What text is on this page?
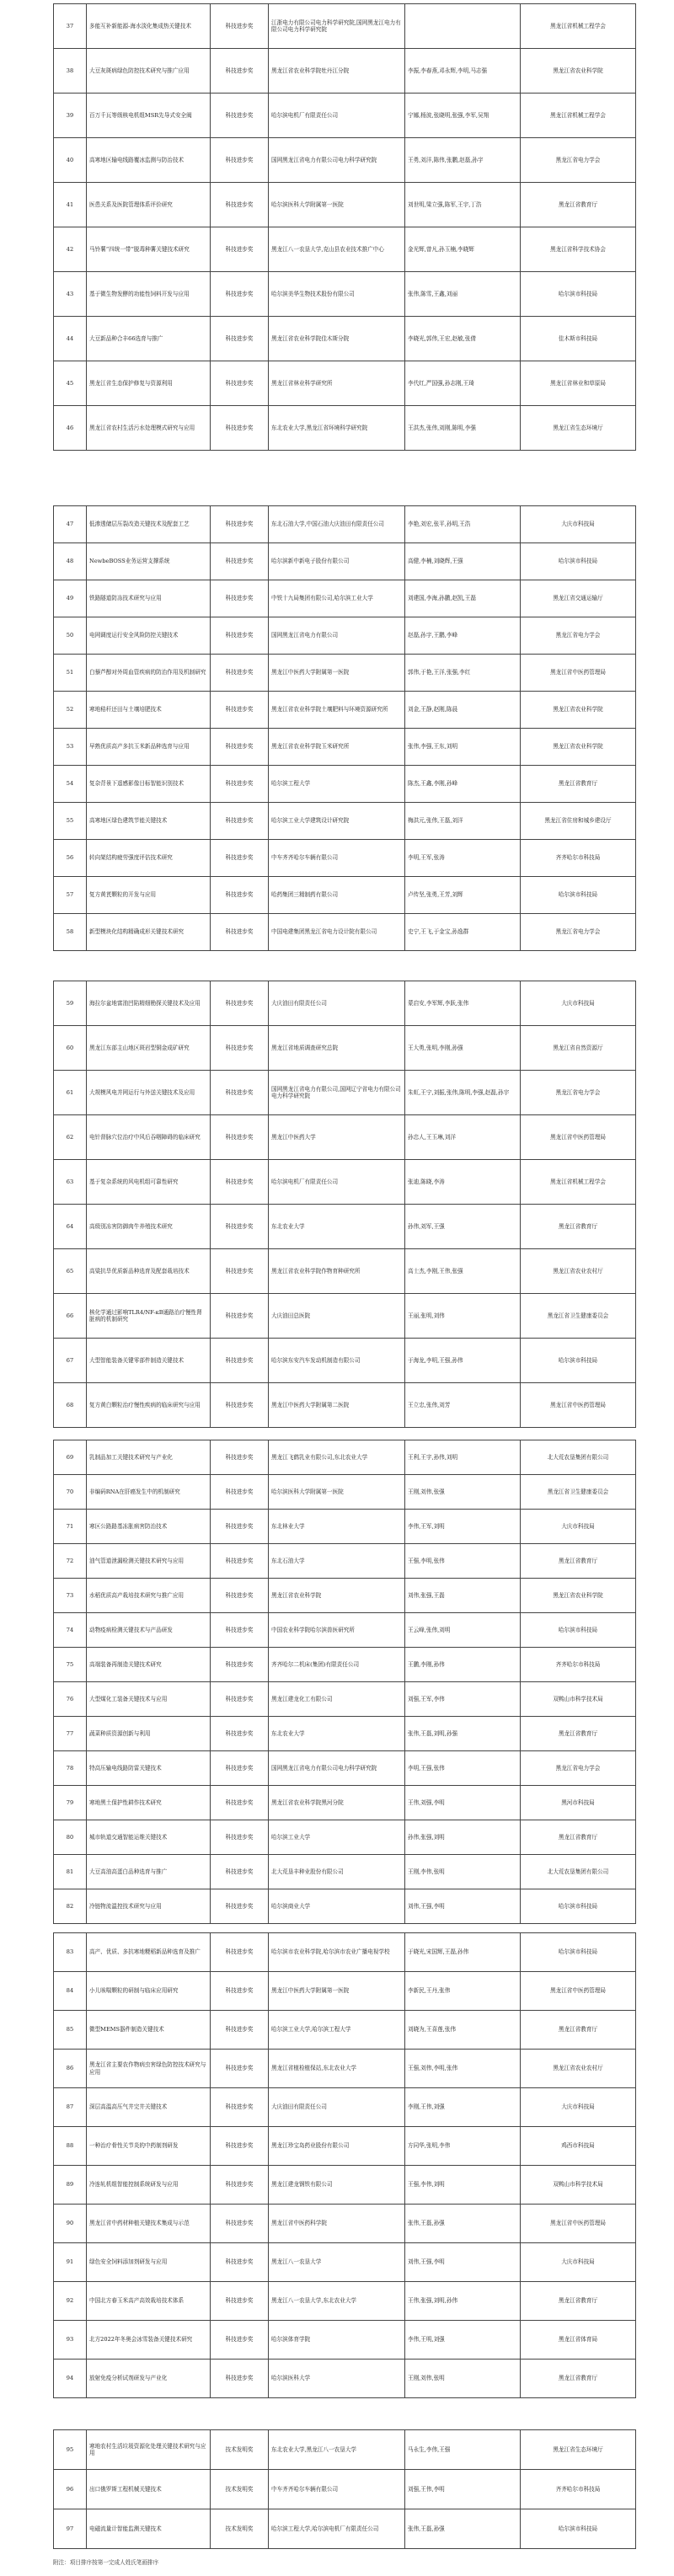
37	多能互补新能源-海水淡化集成热关键技术	科技进步奖	江浙电力有限公司电力科学研究院,国网黑龙江电力有限公司电力科学研究院		黑龙江省机械工程学会
38	大豆灰斑病绿色防控技术研究与推广应用	科技进步奖	黑龙江省农业科学院牡丹江分院	李振,李春燕,邓永辉,李明,马志强	黑龙江省农业科学院
39	百万千瓦等级核电机组MSR先导式安全阀	科技进步奖	哈尔滨电机厂有限责任公司	宁娜,杨波,张晓明,张强,李军,吴翔	黑龙江省机械工程学会
40	高寒地区输电线路覆冰监测与防治技术	科技进步奖	国网黑龙江省电力有限公司电力科学研究院	王勇,刘洋,陈伟,张鹏,赵磊,孙宇	黑龙江省电力学会
41	医患关系及医院管理体系评价研究	科技进步奖	哈尔滨医科大学附属第一医院	刘世明,梁立强,陈军,王宇,丁浩	黑龙江省教育厅
42	马铃薯“四统一带”脱毒种薯关键技术研究	科技进步奖	黑龙江八一农垦大学,克山县农业技术推广中心	金光辉,曾凡,孙玉楠,李晓辉	黑龙江省科学技术协会
43	基于微生物发酵的功能性饲料开发与应用	科技进步奖	哈尔滨美华生物技术股份有限公司	张伟,陈雪,王鑫,刘丽	哈尔滨市科技局
44	大豆新品种合丰66选育与推广	科技进步奖	黑龙江省农业科学院佳木斯分院	李晓光,郭伟,王宏,赵敏,张倩	佳木斯市科技局
45	黑龙江省生态保护修复与资源利用	科技进步奖	黑龙江省林业科学研究所	李代红,严国强,孙志刚,王琦	黑龙江省林业和草原局
46	黑龙江省农村生活污水处理模式研究与应用	科技进步奖	东北农业大学,黑龙江省环境科学研究院	王洪杰,张伟,刘刚,陈明,李强	黑龙江省生态环境厅
47	低渗透储层压裂改造关键技术及配套工艺	科技进步奖	东北石油大学,中国石油大庆油田有限责任公司	李艳,刘宏,张平,孙明,王浩	大庆市科技局
48	NewbeBOSS业务运营支撑系统	科技进步奖	哈尔滨新中新电子股份有限公司	高健,李楠,刘晓辉,王强	哈尔滨市科技局
49	铁路隧道防冻技术研究与应用	科技进步奖	中铁十九局集团有限公司,哈尔滨工业大学	刘建国,李海,孙鹏,赵凯,王磊	黑龙江省交通运输厅
50	电网调度运行安全风险防控关键技术	科技进步奖	国网黑龙江省电力有限公司	赵磊,孙宇,王鹏,李峰	黑龙江省电力学会
51	白藜芦醇对外周血管疾病的防治作用及机制研究	科技进步奖	黑龙江中医药大学附属第一医院	郭伟,于艳,王洋,张强,李红	黑龙江省中医药管理局
52	寒地秸秆还田与土壤培肥技术	科技进步奖	黑龙江省农业科学院土壤肥料与环境资源研究所	刘金,王静,赵刚,陈晨	黑龙江省农业科学院
53	早熟优质高产多抗玉米新品种选育与应用	科技进步奖	黑龙江省农业科学院玉米研究所	张伟,李强,王东,刘明	黑龙江省农业科学院
54	复杂背景下遥感影像目标智能识别技术	科技进步奖	哈尔滨工程大学	陈杰,王鑫,李刚,孙峰	黑龙江省教育厅
55	高寒地区绿色建筑节能关键技术	科技进步奖	哈尔滨工业大学建筑设计研究院	梅洪元,张伟,王磊,刘洋	黑龙江省住房和城乡建设厅
56	转向架结构疲劳强度评估技术研究	科技进步奖	中车齐齐哈尔车辆有限公司	李明,王军,张涛	齐齐哈尔市科技局
57	复方黄芪颗粒的开发与应用	科技进步奖	哈药集团三精制药有限公司	卢传坚,张勇,王芳,刘辉	哈尔滨市科技局
58	新型模块化结构精确成形关键技术研究	科技进步奖	中国电建集团黑龙江省电力设计院有限公司	史宁,王飞,于金宝,孙逸群	黑龙江省电力学会
59	海拉尔盆地富油凹陷精细勘探关键技术及应用	科技进步奖	大庆油田有限责任公司	蒙启安,李军辉,李跃,张伟	大庆市科技局
60	黑龙江东部主山地区斑岩型铜金成矿研究	科技进步奖	黑龙江省地质调查研究总院	王大勇,张明,李刚,孙强	黑龙江省自然资源厅
61	大规模风电并网运行与外送关键技术及应用	科技进步奖	国网黑龙江省电力有限公司,国网辽宁省电力有限公司电力科学研究院	朱虹,王宁,刘振,张伟,陈明,李强,赵磊,孙宇	黑龙江省电力学会
62	电针督脉穴位治疗中风后吞咽障碍的临床研究	科技进步奖	黑龙江中医药大学	孙忠人,王玉琳,刘洋	黑龙江省中医药管理局
63	基于复杂系统的风电机组可靠性研究	科技进步奖	哈尔滨电机厂有限责任公司	张迪,陈晓,李涛	黑龙江省机械工程学会
64	高级别冻害防御肉牛养殖技术研究	科技进步奖	东北农业大学	孙伟,刘军,王强	黑龙江省教育厅
65	高粱抗旱优质新品种选育及配套栽培技术	科技进步奖	黑龙江省农业科学院作物育种研究所	高士杰,李刚,王伟,张强	黑龙江省农业农村厅
66	核化学通过影响TLR4/NF-κB通路治疗慢性肾脏病的机制研究	科技进步奖	大庆油田总医院	王丽,张明,刘伟	黑龙江省卫生健康委员会
67	大型智能装备关键零部件制造关键技术	科技进步奖	哈尔滨东安汽车发动机制造有限公司	于海龙,李明,王强,孙伟	哈尔滨市科技局
68	复方黄白颗粒治疗慢性疾病的临床研究与应用	科技进步奖	黑龙江中医药大学附属第二医院	王立忠,张伟,刘芳	黑龙江省中医药管理局
69	乳制品加工关键技术研究与产业化	科技进步奖	黑龙江飞鹤乳业有限公司,东北农业大学	王利,王宇,孙伟,刘明	北大荒农垦集团有限公司
70	非编码RNA在肝癌发生中的机制研究	科技进步奖	哈尔滨医科大学附属第一医院	王刚,刘伟,张强	黑龙江省卫生健康委员会
71	寒区公路路基冻胀病害防治技术	科技进步奖	东北林业大学	李伟,王军,刘明	大庆市科技局
72	油气管道泄漏检测关键技术研究与应用	科技进步奖	东北石油大学	王强,李明,张伟	黑龙江省教育厅
73	水稻优质高产栽培技术研究与推广应用	科技进步奖	黑龙江省农业科学院	刘伟,张强,王磊	黑龙江省农业科学院
74	动物疫病检测关键技术与产品研发	科技进步奖	中国农业科学院哈尔滨兽医研究所	王云峰,张伟,刘明	哈尔滨市科技局
75	高端装备再制造关键技术研究	科技进步奖	齐齐哈尔二机床(集团)有限责任公司	王鹏,李刚,孙伟	齐齐哈尔市科技局
76	大型煤化工装备关键技术与应用	科技进步奖	黑龙江建龙化工有限公司	刘强,王军,李伟	双鸭山市科学技术局
77	蔬菜种质资源创新与利用	科技进步奖	东北农业大学	张伟,王磊,刘明,孙强	黑龙江省教育厅
78	特高压输电线路防雷关键技术	科技进步奖	国网黑龙江省电力有限公司电力科学研究院	李明,王强,张伟	黑龙江省电力学会
79	寒地黑土保护性耕作技术研究	科技进步奖	黑龙江省农业科学院黑河分院	王伟,刘强,李明	黑河市科技局
80	城市轨道交通智能运维关键技术	科技进步奖	哈尔滨工业大学	孙伟,张强,刘明	黑龙江省教育厅
81	大豆高油高蛋白品种选育与推广	科技进步奖	北大荒垦丰种业股份有限公司	王刚,李伟,张明	北大荒农垦集团有限公司
82	冷链物流温控技术研究与应用	科技进步奖	哈尔滨商业大学	刘伟,王强,李明	哈尔滨市科技局
83	高产、优质、多抗寒地粳稻新品种选育及推广	科技进步奖	哈尔滨市农业科学院,哈尔滨市农业广播电视学校	于晓光,宋国辉,王磊,孙伟	哈尔滨市科技局
84	小儿咳喘颗粒的研制与临床应用研究	科技进步奖	黑龙江中医药大学附属第一医院	李新民,王丹,张伟	黑龙江省中医药管理局
85	微型MEMS器件制造关键技术	科技进步奖	哈尔滨工业大学,哈尔滨工程大学	刘晓为,王喜莲,张伟	黑龙江省教育厅
86	黑龙江省主要农作物病虫害绿色防控技术研究与应用	科技进步奖	黑龙江省植检植保站,东北农业大学	王强,刘伟,李明,张伟	黑龙江省农业农村厅
87	深层高温高压气井完井关键技术	科技进步奖	大庆油田有限责任公司	李刚,王伟,刘强	大庆市科技局
88	一种治疗骨性关节炎的中药制剂研发	科技进步奖	黑龙江珍宝岛药业股份有限公司	方同华,张明,李伟	鸡西市科技局
89	冷连轧机组智能控制系统研发与应用	科技进步奖	黑龙江建龙钢铁有限公司	王强,李伟,刘明	双鸭山市科学技术局
90	黑龙江省中药材种植关键技术集成与示范	科技进步奖	黑龙江省中医药科学院	张伟,王磊,孙强	黑龙江省中医药管理局
91	绿色安全饲料添加剂研发与应用	科技进步奖	黑龙江八一农垦大学	刘伟,王强,李明	大庆市科技局
92	中国北方春玉米高产高效栽培技术体系	科技进步奖	黑龙江八一农垦大学,东北农业大学	王伟,张强,刘明,孙伟	黑龙江省教育厅
93	北方2022年冬奥会冰雪装备关键技术研究	科技进步奖	哈尔滨体育学院	李伟,王明,刘强	黑龙江省体育局
94	放射免疫分析试剂研发与产业化	科技进步奖	哈尔滨医科大学	王刚,刘伟,张明	黑龙江省教育厅
95	寒地农村生活垃圾资源化处理关键技术研究与应用	技术发明奖	东北农业大学,黑龙江八一农垦大学	马永生,李伟,王强	黑龙江省生态环境厅
96	出口俄罗斯工程机械关键技术	技术发明奖	中车齐齐哈尔车辆有限公司	刘强,王伟,李明	齐齐哈尔市科技局
97	电磁流量计智能监测关键技术	技术发明奖	哈尔滨工程大学,哈尔滨电机厂有限责任公司	张伟,王磊,孙强	哈尔滨市科技局
附注：项目排序按第一完成人姓氏笔画排序
